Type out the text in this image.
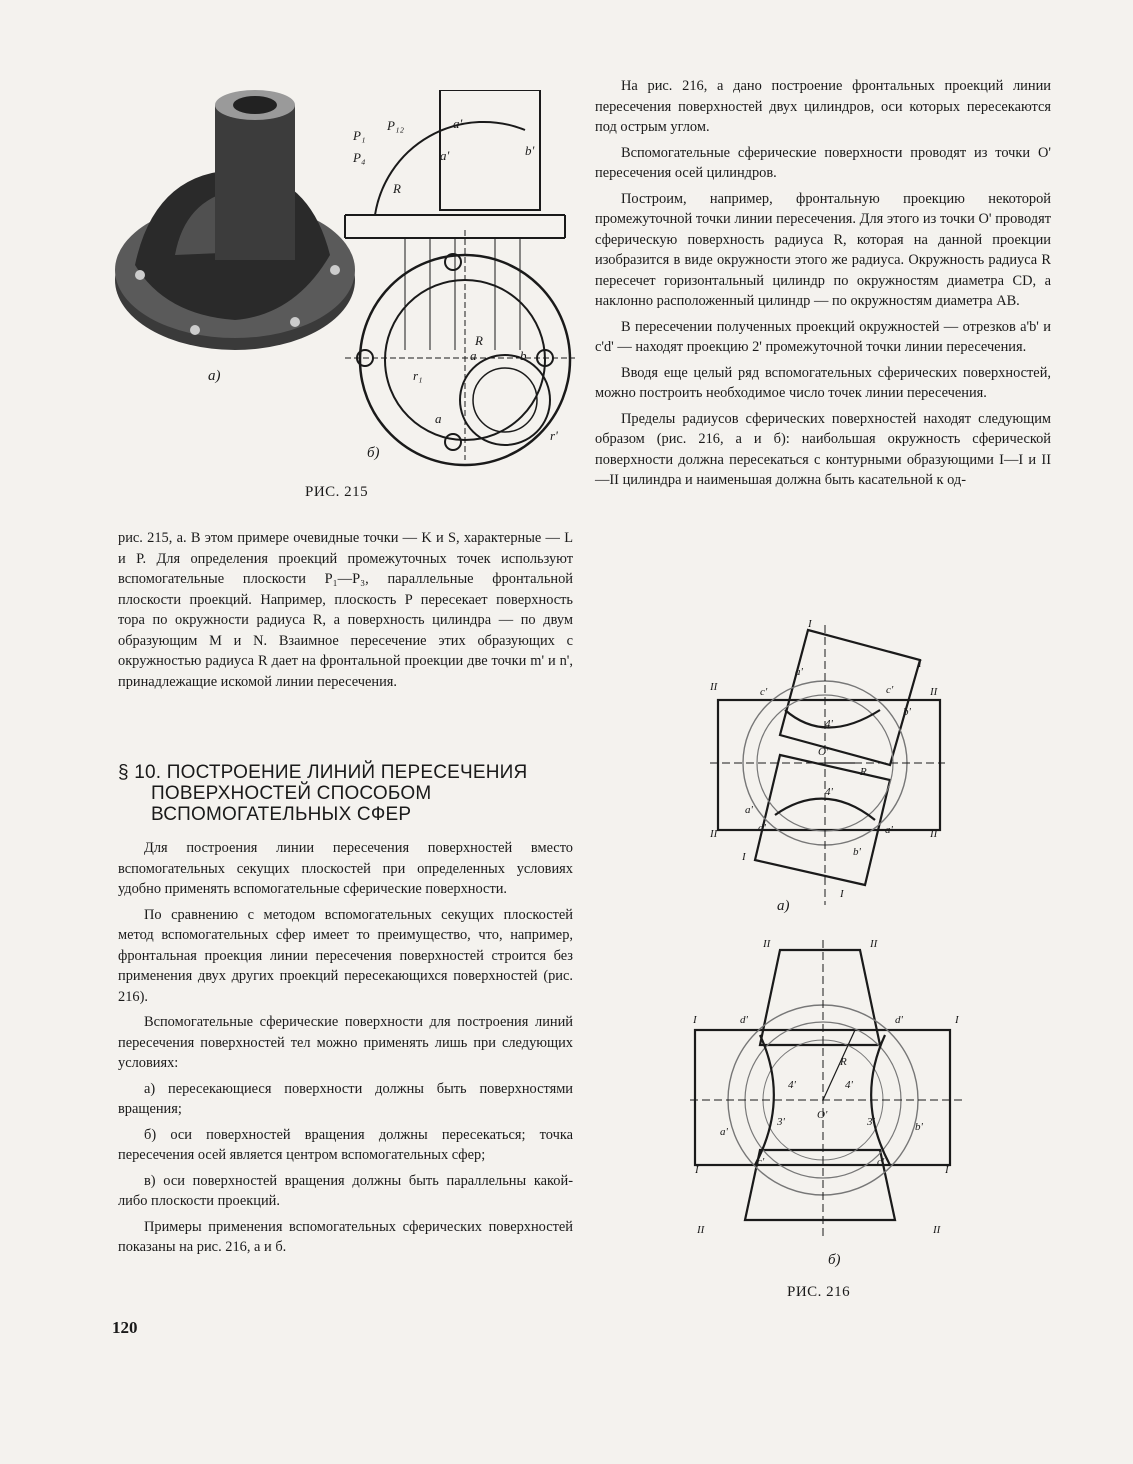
P₁
P₁₂
P₄
a'
a'	b'
R
R
r₁
a	b
a
r'
а)
б)
РИС. 215

рис. 215, а. В этом примере очевидные точки — K и S, характерные — L и P. Для определения проекций промежуточных точек используют вспомогательные плоскости P₁—P₃, параллельные фронтальной плоскости проекций. Например, плоскость P пересекает поверхность тора по окружности радиуса R, а поверхность цилиндра — по двум образующим M и N. Взаимное пересечение этих образующих с окружностью радиуса R дает на фронтальной проекции две точки m' и n', принадлежащие искомой линии пересечения.

§ 10. ПОСТРОЕНИЕ ЛИНИЙ ПЕРЕСЕЧЕНИЯ
ПОВЕРХНОСТЕЙ СПОСОБОМ
ВСПОМОГАТЕЛЬНЫХ СФЕР

Для построения линии пересечения поверхностей вместо вспомогательных секущих плоскостей при определенных условиях удобно применять вспомогательные сферические поверхности.

По сравнению с методом вспомогательных секущих плоскостей метод вспомогательных сфер имеет то преимущество, что, например, фронтальная проекция линии пересечения поверхностей строится без применения двух других проекций пересекающихся поверхностей (рис. 216).

Вспомогательные сферические поверхности для построения линий пересечения поверхностей тел можно применять лишь при следующих условиях:

а) пересекающиеся поверхности должны быть поверхностями вращения;

б) оси поверхностей вращения должны пересекаться; точка пересечения осей является центром вспомогательных сфер;

в) оси поверхностей вращения должны быть параллельны какой-либо плоскости проекций.

Примеры применения вспомогательных сферических поверхностей показаны на рис. 216, а и б.

На рис. 216, а дано построение фронтальных проекций линии пересечения поверхностей двух цилиндров, оси которых пересекаются под острым углом.

Вспомогательные сферические поверхности проводят из точки O' пересечения осей цилиндров.

Построим, например, фронтальную проекцию некоторой промежуточной точки линии пересечения. Для этого из точки O' проводят сферическую поверхность радиуса R, которая на данной проекции изобразится в виде окружности этого же радиуса. Окружность радиуса R пересечет горизонтальный цилиндр по окружностям диаметра CD, а наклонно расположенный цилиндр — по окружностям диаметра AB.

В пересечении полученных проекций окружностей — отрезков a'b' и c'd' — находят проекцию 2' промежуточной точки линии пересечения.

Вводя еще целый ряд вспомогательных сферических поверхностей, можно построить необходимое число точек линии пересечения.

Пределы радиусов сферических поверхностей находят следующим образом (рис. 216, а и б): наибольшая окружность сферической поверхности должна пересекаться с контурными образующими I—I и II—II цилиндра и наименьшая должна быть касательной к од-

I
I
II	II
II	II
I
I
c'
a'
b'
c'
a'
d'	a'
b'
O'
R
4'
4'
а)
II	II
I	I
I	I
II	II
d'	d'
a'	b'
R
O'
4'	4'
3'	3'
c'	c'
б)
РИС. 216
120
